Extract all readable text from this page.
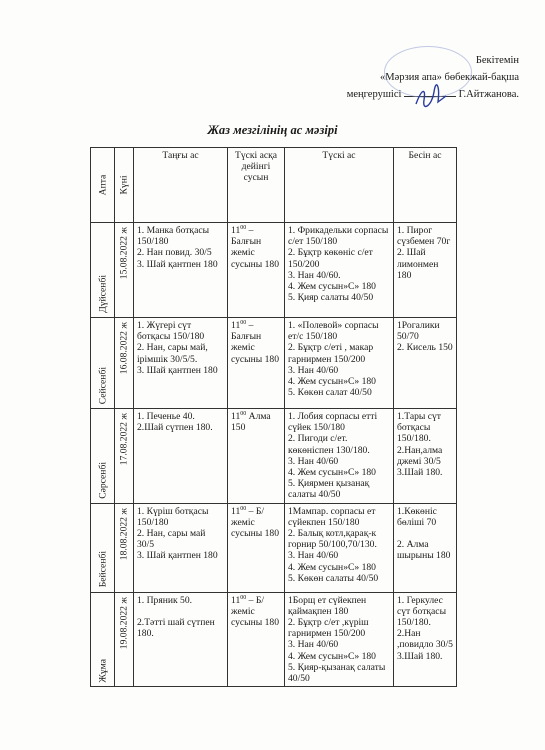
Бекітемін
«Мәрзия апа» бөбекжай-бақша
меңгерушісі	Г.Айтжанова.
Жаз мезгілінің ас мәзірі
Апта	Күні	Таңғы ас	Түскі асқа дейінгі сусын	Түскі ас	Бесін ас

Дүйсенбі	15.08.2022 ж	1. Манка ботқасы 150/180
2. Нан повид. 30/5
3. Шай қантпен 180	$11^{00}$ – Балғын жеміс сусыны 180	1. Фрикадельки сорпасы с/ет 150/180
2. Бұқтр көкөніс с/ет 150/200
3. Нан 40/60.
4. Жем сусын»С» 180
5. Қияр салаты 40/50	1. Пирог сүзбемен 70г
2. Шай лимонмен 180

Сейсенбі	16.08.2022 ж	1. Жүгері сүт ботқасы 150/180
2. Нан, сары май, ірімшік 30/5/5.
3. Шай қантпен 180	$11^{00}$ – Балғын жеміс сусыны 180	1. «Полевой» сорпасы ет/с 150/180
2. Бұқтр с/еті , макар гарнирмен 150/200
3. Нан 40/60
4. Жем сусын»С» 180
5. Көкөн салат 40/50	1Рогалики 50/70
2. Кисель 150

Сәрсенбі	17.08.2022 ж	1. Печенье 40.
2.Шай сүтпен 180.	$11^{00}$ Алма 150	1. Лобия сорпасы етті сүйек 150/180
2. Пигоди с/ет. көкөніспен 130/180.
3. Нан 40/60
4. Жем сусын»С» 180
5. Қиярмен қызанақ салаты 40/50	1.Тары сүт ботқасы 150/180.
2.Нан,алма джемі 30/5
3.Шай 180.

Бейсенбі	18.08.2022 ж	1. Күріш ботқасы 150/180
2. Нан, сары май 30/5
3. Шай қантпен 180	$11^{00}$ – Б/жеміс сусыны 180	1Мампар. сорпасы ет сүйекпен 150/180
2. Балық котл,қарақ-к горнир 50/100,70/130.
3. Нан 40/60
4. Жем сусын»С» 180
5. Көкөн салаты 40/50	1.Көкөніс бөліші 70

2. Алма шырыны 180

Жұма	19.08.2022 ж	1. Пряник 50.

2.Тәтті шай сүтпен 180.	$11^{00}$ – Б/жеміс сусыны 180	1Борщ ет сүйекпен қаймақпен 180
2. Бұқтр с/ет ,күріш гарнирмен 150/200
3. Нан 40/60
4. Жем сусын»С» 180
5. Қияр-қызанақ салаты 40/50	1. Геркулес сүт ботқасы 150/180.
2.Нан ,повидло 30/5
3.Шай 180.
